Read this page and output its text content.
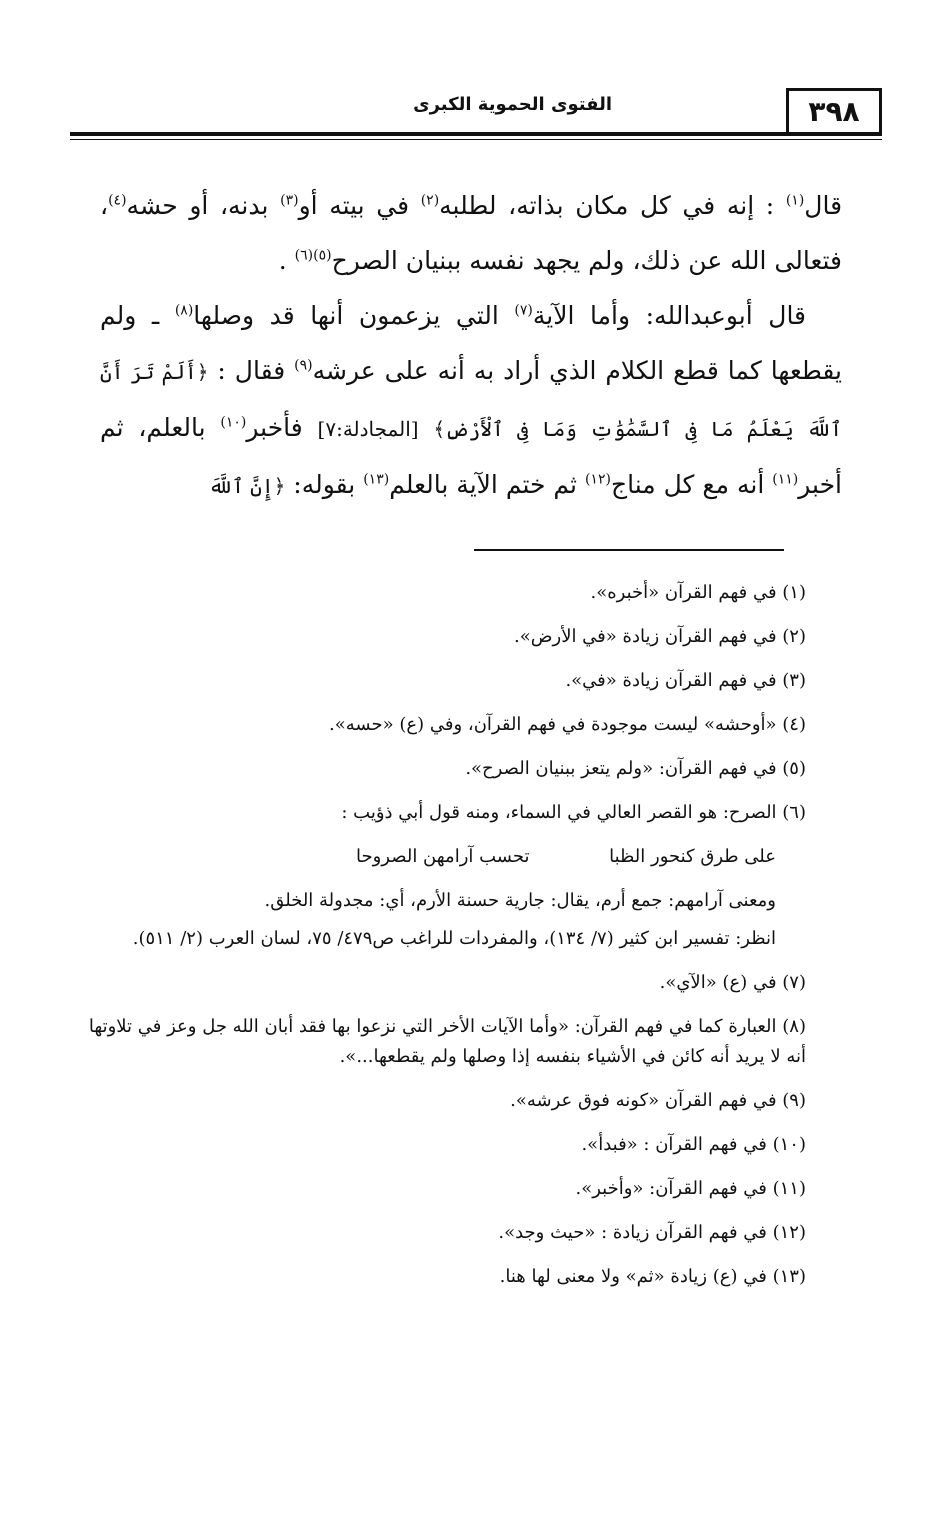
٣٩٨
الفتوى الحموية الكبرى

قال$^{(١)}$ : إنه في كل مكان بذاته، لطلبه$^{(٢)}$ في بيته أو$^{(٣)}$ بدنه، أو حشه$^{(٤)}$، فتعالى الله عن ذلك، ولم يجهد نفسه ببنيان الصرح$^{(٥)(٦)}$ .

قال أبوعبدالله: وأما الآية$^{(٧)}$ التي يزعمون أنها قد وصلها$^{(٨)}$ ـ ولم يقطعها كما قطع الكلام الذي أراد به أنه على عرشه$^{(٩)}$ فقال : ﴿أَلَمْ تَرَ أَنَّ ٱللَّهَ يَعْلَمُ مَا فِى ٱلسَّمَٰوَٰتِ وَمَا فِى ٱلْأَرْضِ﴾ [المجادلة:٧] فأخبر$^{(١٠)}$ بالعلم، ثم أخبر$^{(١١)}$ أنه مع كل مناج$^{(١٢)}$ ثم ختم الآية بالعلم$^{(١٣)}$ بقوله: ﴿إِنَّ ٱللَّهَ

(١) في فهم القرآن «أخبره».

(٢) في فهم القرآن زيادة «في الأرض».

(٣) في فهم القرآن زيادة «في».

(٤) «أوحشه» ليست موجودة في فهم القرآن، وفي (ع) «حسه».

(٥) في فهم القرآن: «ولم يتعز ببنيان الصرح».

(٦) الصرح: هو القصر العالي في السماء، ومنه قول أبي ذؤيب :

على طرق كنحور الظبا
تحسب آرامهن الصروحا

ومعنى آرامهم: جمع أرم، يقال: جارية حسنة الأرم، أي: مجدولة الخلق.

انظر: تفسير ابن كثير (٧/ ١٣٤)، والمفردات للراغب ص٤٧٩/ ٧٥، لسان العرب (٢/ ٥١١).

(٧) في (ع) «الآي».

(٨) العبارة كما في فهم القرآن: «وأما الآيات الأخر التي نزعوا بها فقد أبان الله جل وعز في تلاوتها أنه لا يريد أنه كائن في الأشياء بنفسه إذا وصلها ولم يقطعها...».

(٩) في فهم القرآن «كونه فوق عرشه».

(١٠) في فهم القرآن : «فبدأ».

(١١) في فهم القرآن: «وأخبر».

(١٢) في فهم القرآن زيادة : «حيث وجد».

(١٣) في (ع) زيادة «ثم» ولا معنى لها هنا.
